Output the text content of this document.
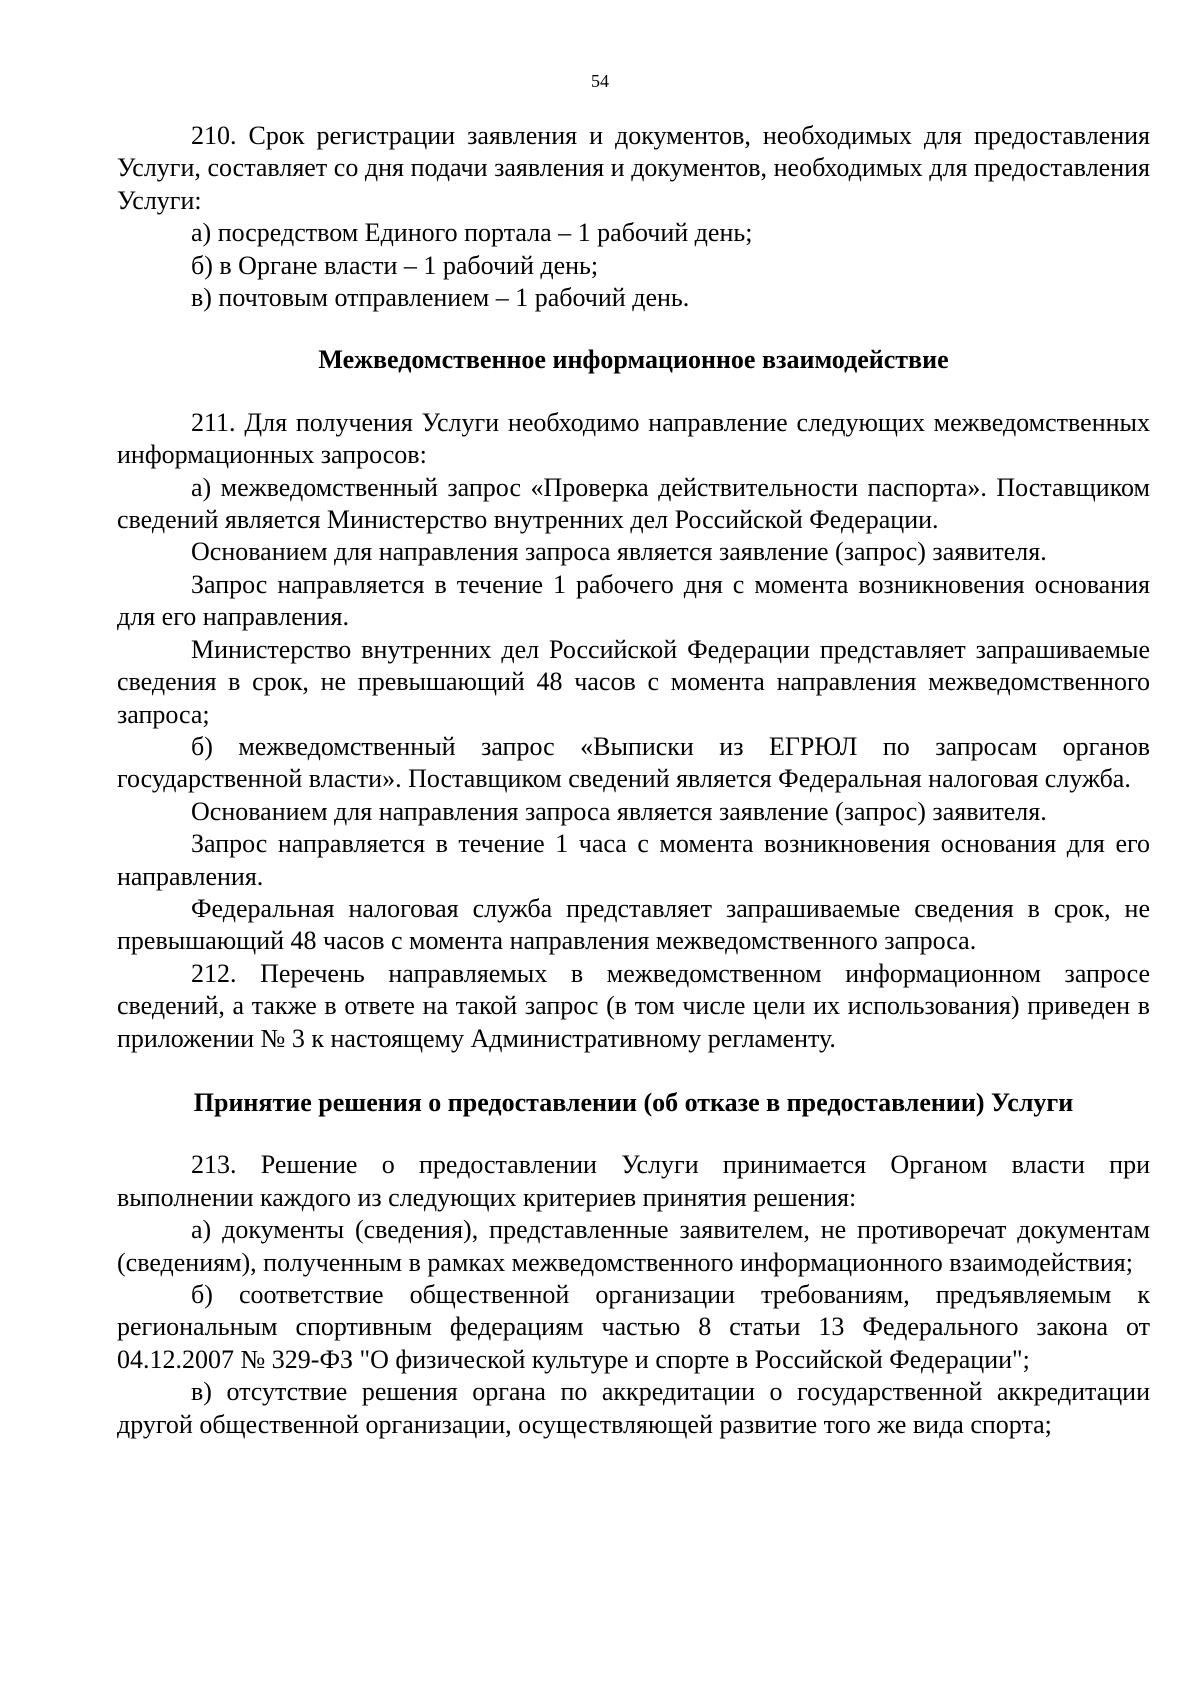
54

210. Срок регистрации заявления и документов, необходимых для предоставления Услуги, составляет со дня подачи заявления и документов, необходимых для предоставления Услуги:

а) посредством Единого портала – 1 рабочий день;

б) в Органе власти – 1 рабочий день;

в) почтовым отправлением – 1 рабочий день.

Межведомственное информационное взаимодействие

211. Для получения Услуги необходимо направление следующих межведомственных информационных запросов:

а) межведомственный запрос «Проверка действительности паспорта». Поставщиком сведений является Министерство внутренних дел Российской Федерации.

Основанием для направления запроса является заявление (запрос) заявителя.

Запрос направляется в течение 1 рабочего дня с момента возникновения основания для его направления.

Министерство внутренних дел Российской Федерации представляет запрашиваемые сведения в срок, не превышающий 48 часов с момента направления межведомственного запроса;

б) межведомственный запрос «Выписки из ЕГРЮЛ по запросам органов государственной власти». Поставщиком сведений является Федеральная налоговая служба.

Основанием для направления запроса является заявление (запрос) заявителя.

Запрос направляется в течение 1 часа с момента возникновения основания для его направления.

Федеральная налоговая служба представляет запрашиваемые сведения в срок, не превышающий 48 часов с момента направления межведомственного запроса.

212. Перечень направляемых в межведомственном информационном запросе сведений, а также в ответе на такой запрос (в том числе цели их использования) приведен в приложении № 3 к настоящему Административному регламенту.

Принятие решения о предоставлении (об отказе в предоставлении) Услуги

213. Решение о предоставлении Услуги принимается Органом власти при выполнении каждого из следующих критериев принятия решения:

а) документы (сведения), представленные заявителем, не противоречат документам (сведениям), полученным в рамках межведомственного информационного взаимодействия;

б) соответствие общественной организации требованиям, предъявляемым к региональным спортивным федерациям частью 8 статьи 13 Федерального закона от 04.12.2007 № 329-ФЗ "О физической культуре и спорте в Российской Федерации";

в) отсутствие решения органа по аккредитации о государственной аккредитации другой общественной организации, осуществляющей развитие того же вида спорта;
